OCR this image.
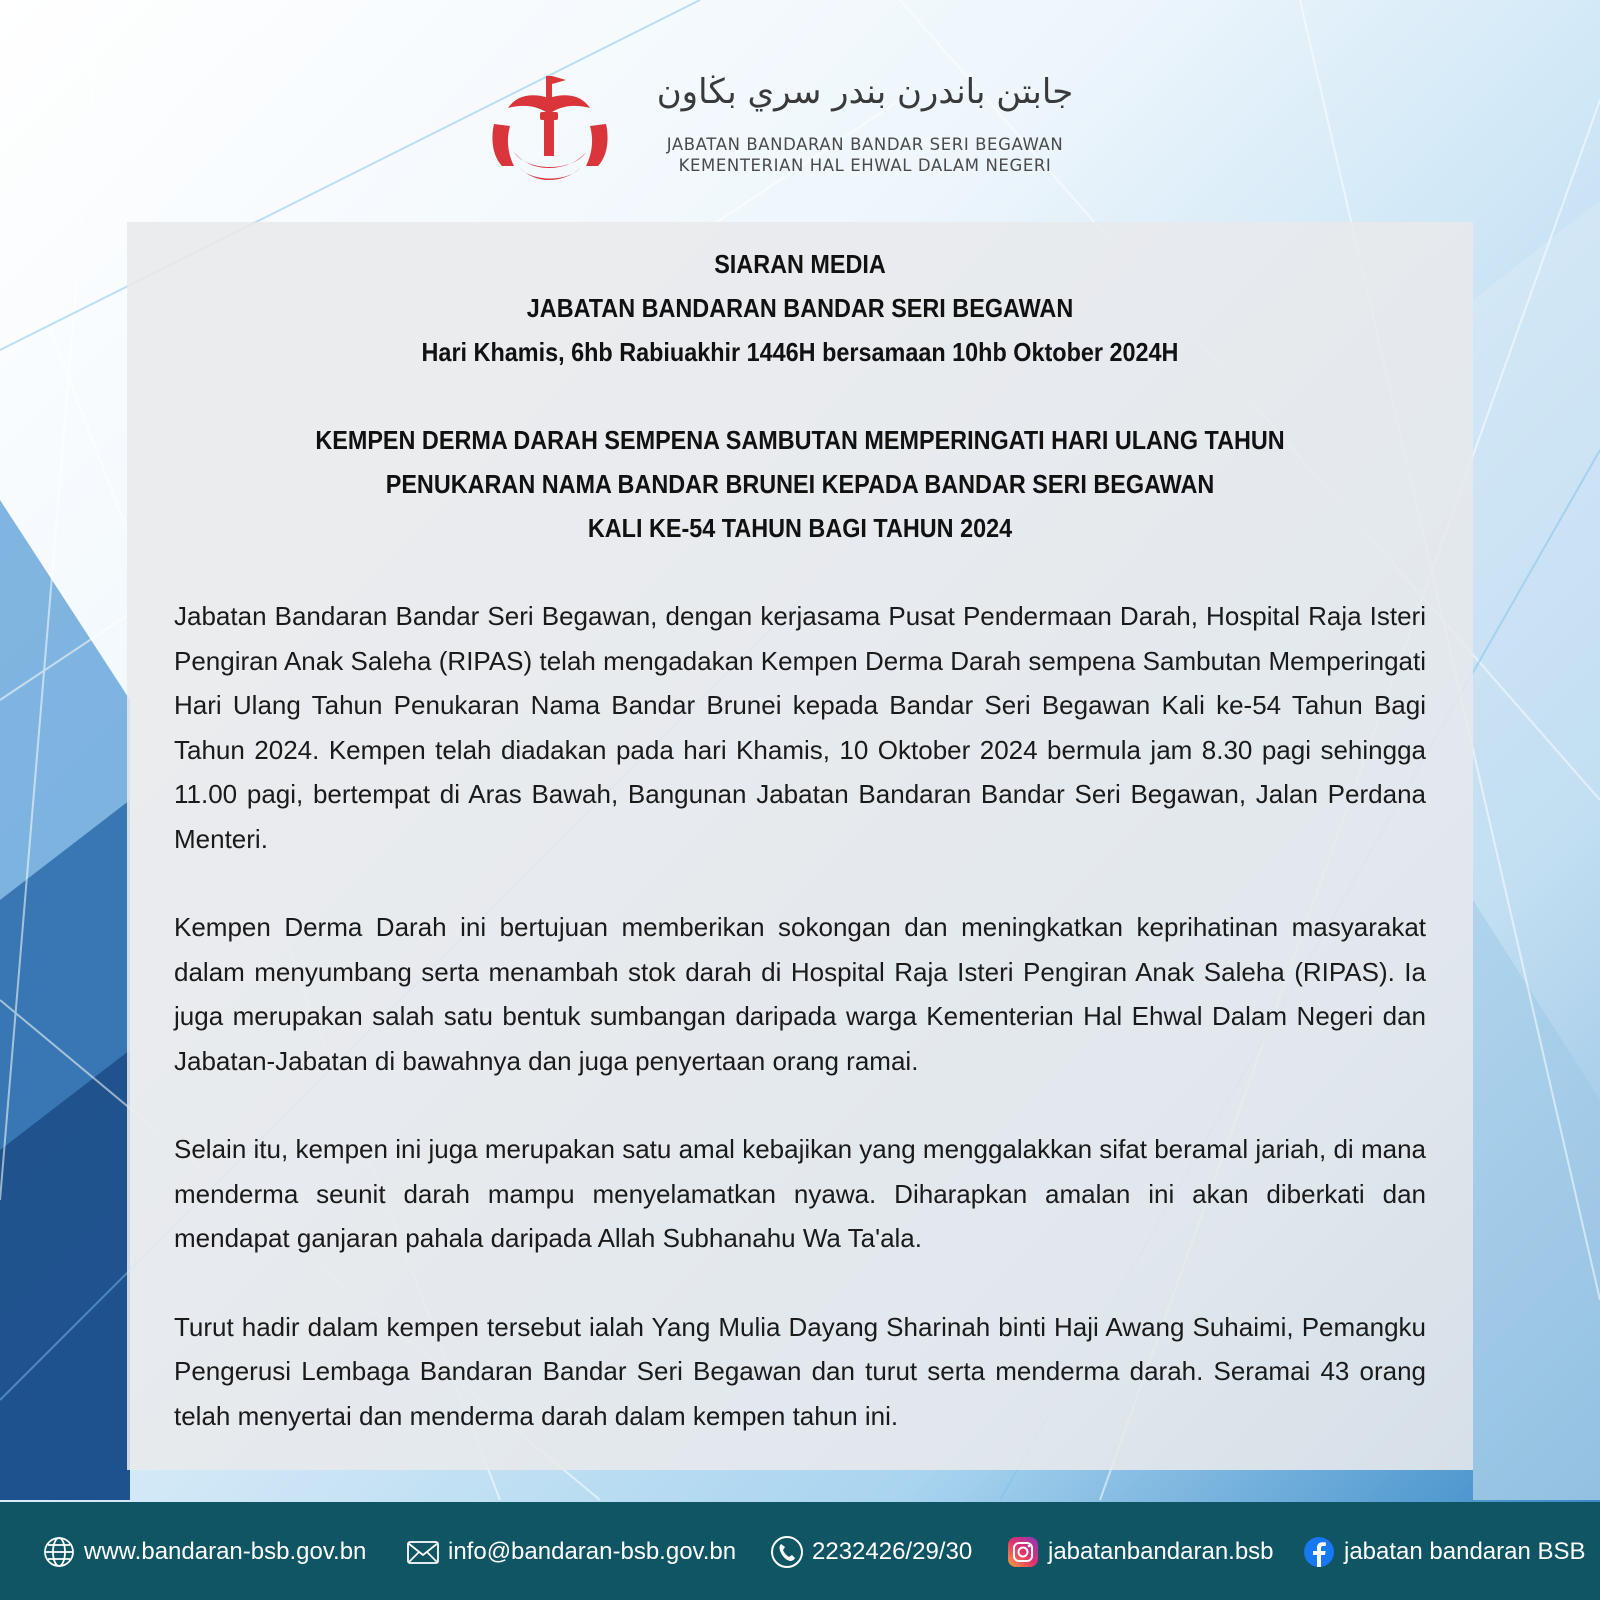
جابتن باندرن بندر سري بڬاون
JABATAN BANDARAN BANDAR SERI BEGAWAN
KEMENTERIAN HAL EHWAL DALAM NEGERI
SIARAN MEDIA
JABATAN BANDARAN BANDAR SERI BEGAWAN
Hari Khamis, 6hb Rabiuakhir 1446H bersamaan 10hb Oktober 2024H
KEMPEN DERMA DARAH SEMPENA SAMBUTAN MEMPERINGATI HARI ULANG TAHUN
PENUKARAN NAMA BANDAR BRUNEI KEPADA BANDAR SERI BEGAWAN
KALI KE-54 TAHUN BAGI TAHUN 2024

Jabatan Bandaran Bandar Seri Begawan, dengan kerjasama Pusat Pendermaan Darah, Hospital Raja Isteri Pengiran Anak Saleha (RIPAS) telah mengadakan Kempen Derma Darah sempena Sambutan Memperingati Hari Ulang Tahun Penukaran Nama Bandar Brunei kepada Bandar Seri Begawan Kali ke-54 Tahun Bagi Tahun 2024. Kempen telah diadakan pada hari Khamis, 10 Oktober 2024 bermula jam 8.30 pagi sehingga 11.00 pagi, bertempat di Aras Bawah, Bangunan Jabatan Bandaran Bandar Seri Begawan, Jalan Perdana Menteri.

Kempen Derma Darah ini bertujuan memberikan sokongan dan meningkatkan keprihatinan masyarakat dalam menyumbang serta menambah stok darah di Hospital Raja Isteri Pengiran Anak Saleha (RIPAS). Ia juga merupakan salah satu bentuk sumbangan daripada warga Kementerian Hal Ehwal Dalam Negeri dan Jabatan-Jabatan di bawahnya dan juga penyertaan orang ramai.

Selain itu, kempen ini juga merupakan satu amal kebajikan yang menggalakkan sifat beramal jariah, di mana menderma seunit darah mampu menyelamatkan nyawa. Diharapkan amalan ini akan diberkati dan mendapat ganjaran pahala daripada Allah Subhanahu Wa Ta'ala.

Turut hadir dalam kempen tersebut ialah Yang Mulia Dayang Sharinah binti Haji Awang Suhaimi, Pemangku Pengerusi Lembaga Bandaran Bandar Seri Begawan dan turut serta menderma darah. Seramai 43 orang telah menyertai dan menderma darah dalam kempen tahun ini.

www.bandaran-bsb.gov.bn	info@bandaran-bsb.gov.bn	2232426/29/30	jabatanbandaran.bsb	jabatan bandaran BSB
